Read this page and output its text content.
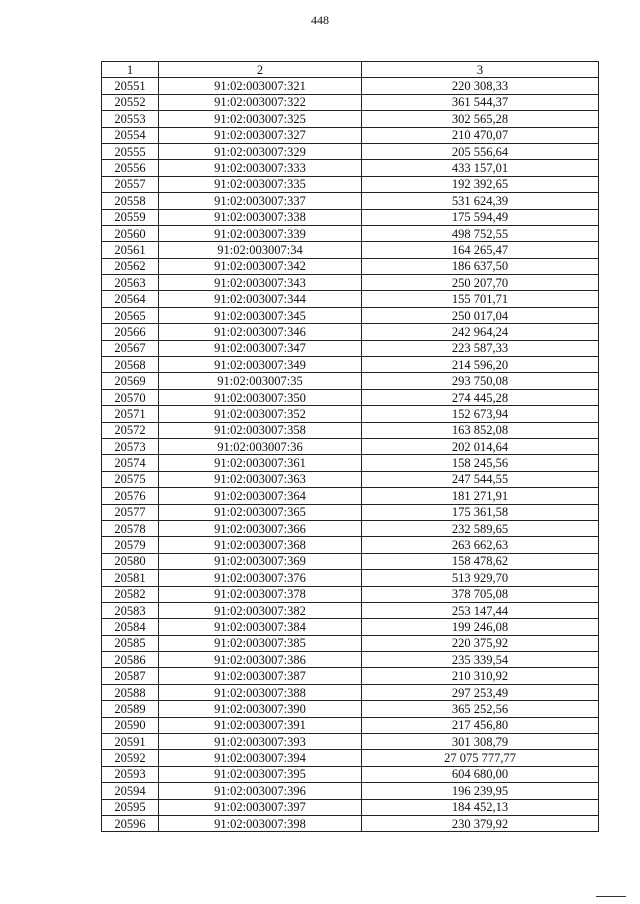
448
1	2	3
20551	91:02:003007:321	220 308,33
20552	91:02:003007:322	361 544,37
20553	91:02:003007:325	302 565,28
20554	91:02:003007:327	210 470,07
20555	91:02:003007:329	205 556,64
20556	91:02:003007:333	433 157,01
20557	91:02:003007:335	192 392,65
20558	91:02:003007:337	531 624,39
20559	91:02:003007:338	175 594,49
20560	91:02:003007:339	498 752,55
20561	91:02:003007:34	164 265,47
20562	91:02:003007:342	186 637,50
20563	91:02:003007:343	250 207,70
20564	91:02:003007:344	155 701,71
20565	91:02:003007:345	250 017,04
20566	91:02:003007:346	242 964,24
20567	91:02:003007:347	223 587,33
20568	91:02:003007:349	214 596,20
20569	91:02:003007:35	293 750,08
20570	91:02:003007:350	274 445,28
20571	91:02:003007:352	152 673,94
20572	91:02:003007:358	163 852,08
20573	91:02:003007:36	202 014,64
20574	91:02:003007:361	158 245,56
20575	91:02:003007:363	247 544,55
20576	91:02:003007:364	181 271,91
20577	91:02:003007:365	175 361,58
20578	91:02:003007:366	232 589,65
20579	91:02:003007:368	263 662,63
20580	91:02:003007:369	158 478,62
20581	91:02:003007:376	513 929,70
20582	91:02:003007:378	378 705,08
20583	91:02:003007:382	253 147,44
20584	91:02:003007:384	199 246,08
20585	91:02:003007:385	220 375,92
20586	91:02:003007:386	235 339,54
20587	91:02:003007:387	210 310,92
20588	91:02:003007:388	297 253,49
20589	91:02:003007:390	365 252,56
20590	91:02:003007:391	217 456,80
20591	91:02:003007:393	301 308,79
20592	91:02:003007:394	27 075 777,77
20593	91:02:003007:395	604 680,00
20594	91:02:003007:396	196 239,95
20595	91:02:003007:397	184 452,13
20596	91:02:003007:398	230 379,92
